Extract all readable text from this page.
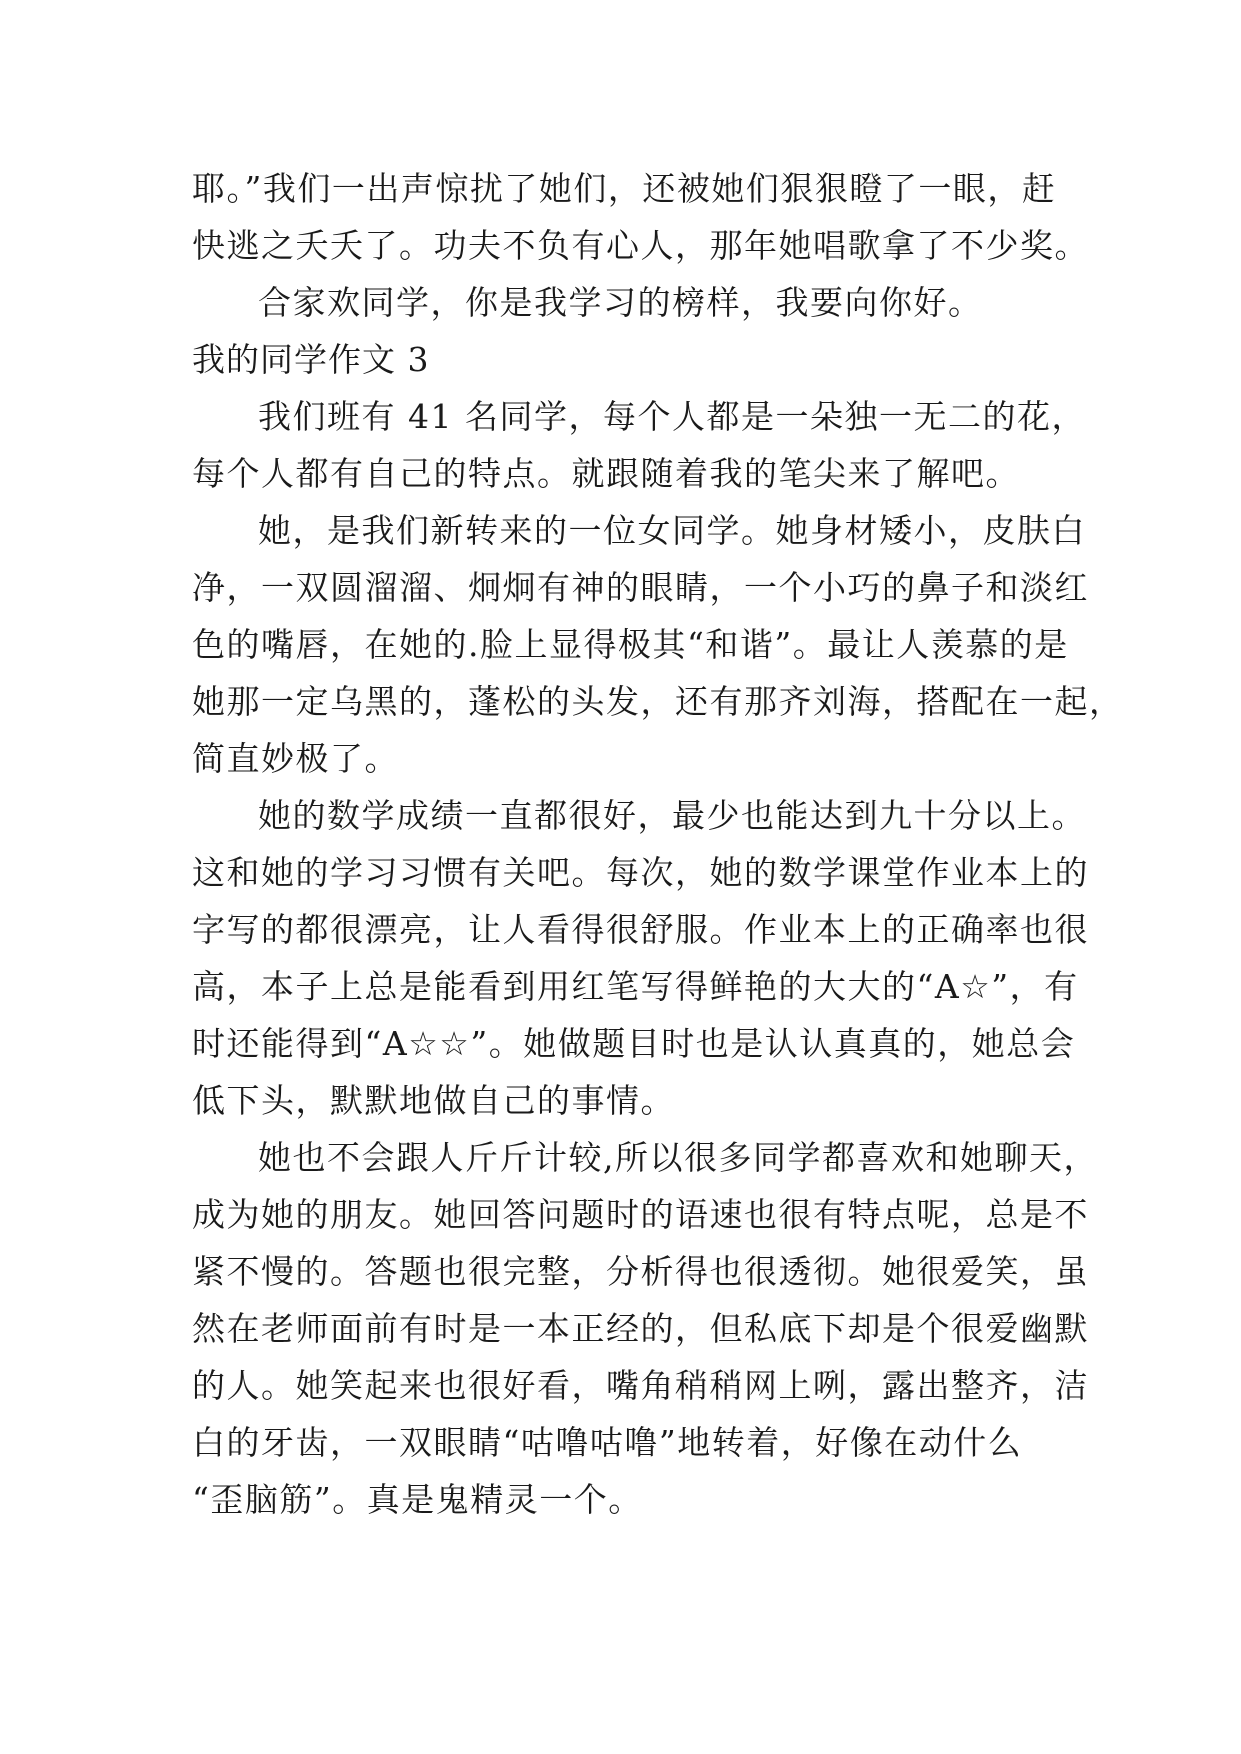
耶。”我们一出声惊扰了她们，还被她们狠狠瞪了一眼，赶
快逃之夭夭了。功夫不负有心人，那年她唱歌拿了不少奖。
合家欢同学，你是我学习的榜样，我要向你好。
我的同学作文 3
我们班有 41 名同学，每个人都是一朵独一无二的花，
每个人都有自己的特点。就跟随着我的笔尖来了解吧。
她，是我们新转来的一位女同学。她身材矮小，皮肤白
净，一双圆溜溜、炯炯有神的眼睛，一个小巧的鼻子和淡红
色的嘴唇，在她的.脸上显得极其“和谐”。最让人羡慕的是
她那一定乌黑的，蓬松的头发，还有那齐刘海，搭配在一起，
简直妙极了。
她的数学成绩一直都很好，最少也能达到九十分以上。
这和她的学习习惯有关吧。每次，她的数学课堂作业本上的
字写的都很漂亮，让人看得很舒服。作业本上的正确率也很
高，本子上总是能看到用红笔写得鲜艳的大大的“A☆”，有
时还能得到“A☆☆”。她做题目时也是认认真真的，她总会
低下头，默默地做自己的事情。
她也不会跟人斤斤计较,所以很多同学都喜欢和她聊天，
成为她的朋友。她回答问题时的语速也很有特点呢，总是不
紧不慢的。答题也很完整，分析得也很透彻。她很爱笑，虽
然在老师面前有时是一本正经的，但私底下却是个很爱幽默
的人。她笑起来也很好看，嘴角稍稍网上咧，露出整齐，洁
白的牙齿，一双眼睛“咕噜咕噜”地转着，好像在动什么
“歪脑筋”。真是鬼精灵一个。
